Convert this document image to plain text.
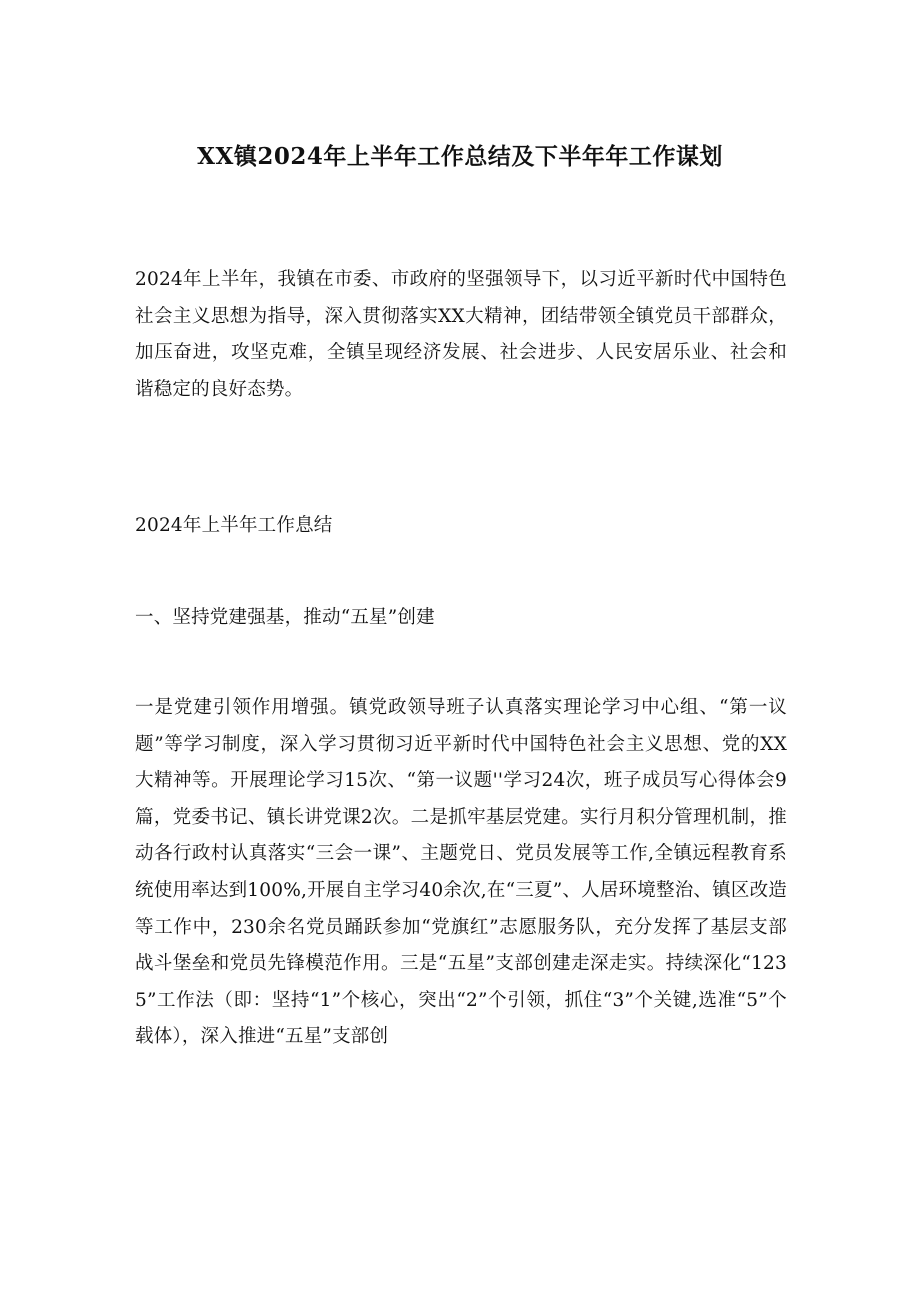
XX镇2024年上半年工作总结及下半年年工作谋划
2024年上半年，我镇在市委、市政府的坚强领导下，以习近平新时代中国特色社会主义思想为指导，深入贯彻落实XX大精神，团结带领全镇党员干部群众，加压奋进，攻坚克难，全镇呈现经济发展、社会进步、人民安居乐业、社会和谐稳定的良好态势。
2024年上半年工作息结
一、坚持党建强基，推动“五星”创建
一是党建引领作用增强。镇党政领导班子认真落实理论学习中心组、“第一议题”等学习制度，深入学习贯彻习近平新时代中国特色社会主义思想、党的XX大精神等。开展理论学习15次、“第一议题''学习24次，班子成员写心得体会9篇，党委书记、镇长讲党课2次。二是抓牢基层党建。实行月积分管理机制，推动各行政村认真落实“三会一课”、主题党日、党员发展等工作,全镇远程教育系统使用率达到100%,开展自主学习40余次,在“三夏”、人居环境整治、镇区改造等工作中，230余名党员踊跃参加“党旗红”志愿服务队，充分发挥了基层支部战斗堡垒和党员先锋模范作用。三是“五星”支部创建走深走实。持续深化“1235”工作法（即：坚持“1”个核心，突出“2”个引领，抓住“3”个关键,选准“5”个载体），深入推进“五星”支部创
